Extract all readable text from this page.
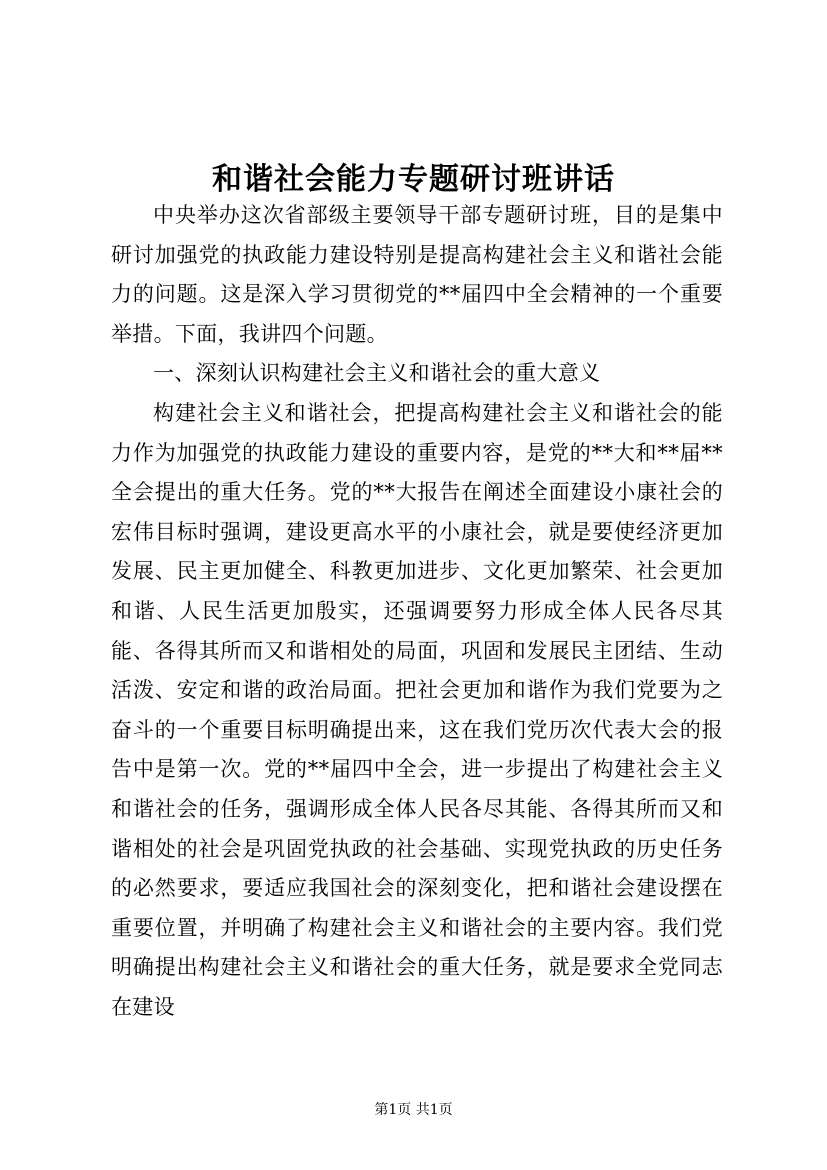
和谐社会能力专题研讨班讲话

中央举办这次省部级主要领导干部专题研讨班，目的是集中研讨加强党的执政能力建设特别是提高构建社会主义和谐社会能力的问题。这是深入学习贯彻党的**届四中全会精神的一个重要举措。下面，我讲四个问题。

一、深刻认识构建社会主义和谐社会的重大意义

构建社会主义和谐社会，把提高构建社会主义和谐社会的能力作为加强党的执政能力建设的重要内容，是党的**大和**届**全会提出的重大任务。党的**大报告在阐述全面建设小康社会的宏伟目标时强调，建设更高水平的小康社会，就是要使经济更加发展、民主更加健全、科教更加进步、文化更加繁荣、社会更加和谐、人民生活更加殷实，还强调要努力形成全体人民各尽其能、各得其所而又和谐相处的局面，巩固和发展民主团结、生动活泼、安定和谐的政治局面。把社会更加和谐作为我们党要为之奋斗的一个重要目标明确提出来，这在我们党历次代表大会的报告中是第一次。党的**届四中全会，进一步提出了构建社会主义和谐社会的任务，强调形成全体人民各尽其能、各得其所而又和谐相处的社会是巩固党执政的社会基础、实现党执政的历史任务的必然要求，要适应我国社会的深刻变化，把和谐社会建设摆在重要位置，并明确了构建社会主义和谐社会的主要内容。我们党明确提出构建社会主义和谐社会的重大任务，就是要求全党同志在建设

第1页 共1页
